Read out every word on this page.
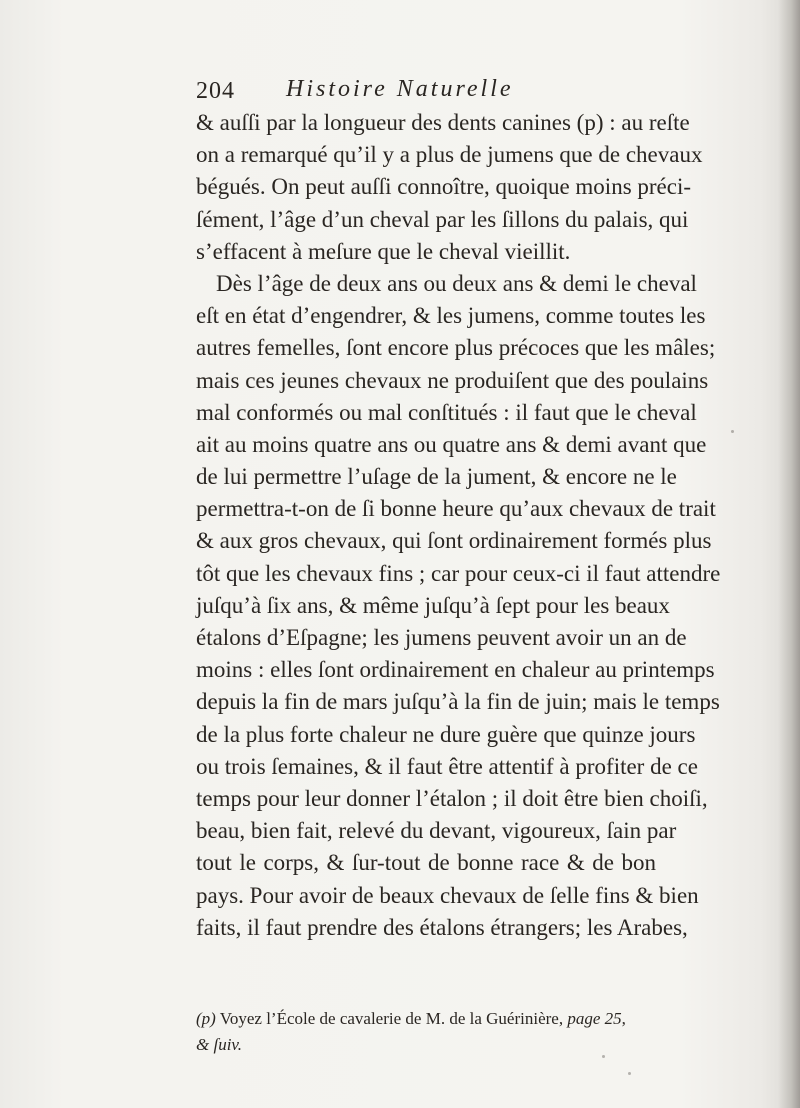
204 Histoire Naturelle
& auſſi par la longueur des dents canines (p) : au reſte
on a remarqué qu’il y a plus de jumens que de chevaux
bégués. On peut auſſi connoître, quoique moins préci-
ſément, l’âge d’un cheval par les ſillons du palais, qui
s’effacent à meſure que le cheval vieillit.
Dès l’âge de deux ans ou deux ans & demi le cheval
eſt en état d’engendrer, & les jumens, comme toutes les
autres femelles, ſont encore plus précoces que les mâles;
mais ces jeunes chevaux ne produiſent que des poulains
mal conformés ou mal conſtitués : il faut que le cheval
ait au moins quatre ans ou quatre ans & demi avant que
de lui permettre l’uſage de la jument, & encore ne le
permettra-t-on de ſi bonne heure qu’aux chevaux de trait
& aux gros chevaux, qui ſont ordinairement formés plus
tôt que les chevaux fins ; car pour ceux-ci il faut attendre
juſqu’à ſix ans, & même juſqu’à ſept pour les beaux
étalons d’Eſpagne; les jumens peuvent avoir un an de
moins : elles ſont ordinairement en chaleur au printemps
depuis la fin de mars juſqu’à la fin de juin; mais le temps
de la plus forte chaleur ne dure guère que quinze jours
ou trois ſemaines, & il faut être attentif à profiter de ce
temps pour leur donner l’étalon ; il doit être bien choiſi,
beau, bien fait, relevé du devant, vigoureux, ſain par
tout le corps, & ſur-tout de bonne race & de bon
pays. Pour avoir de beaux chevaux de ſelle fins & bien
faits, il faut prendre des étalons étrangers; les Arabes,
(p) Voyez l’École de cavalerie de M. de la Guérinière, page 25,
& ſuiv.
